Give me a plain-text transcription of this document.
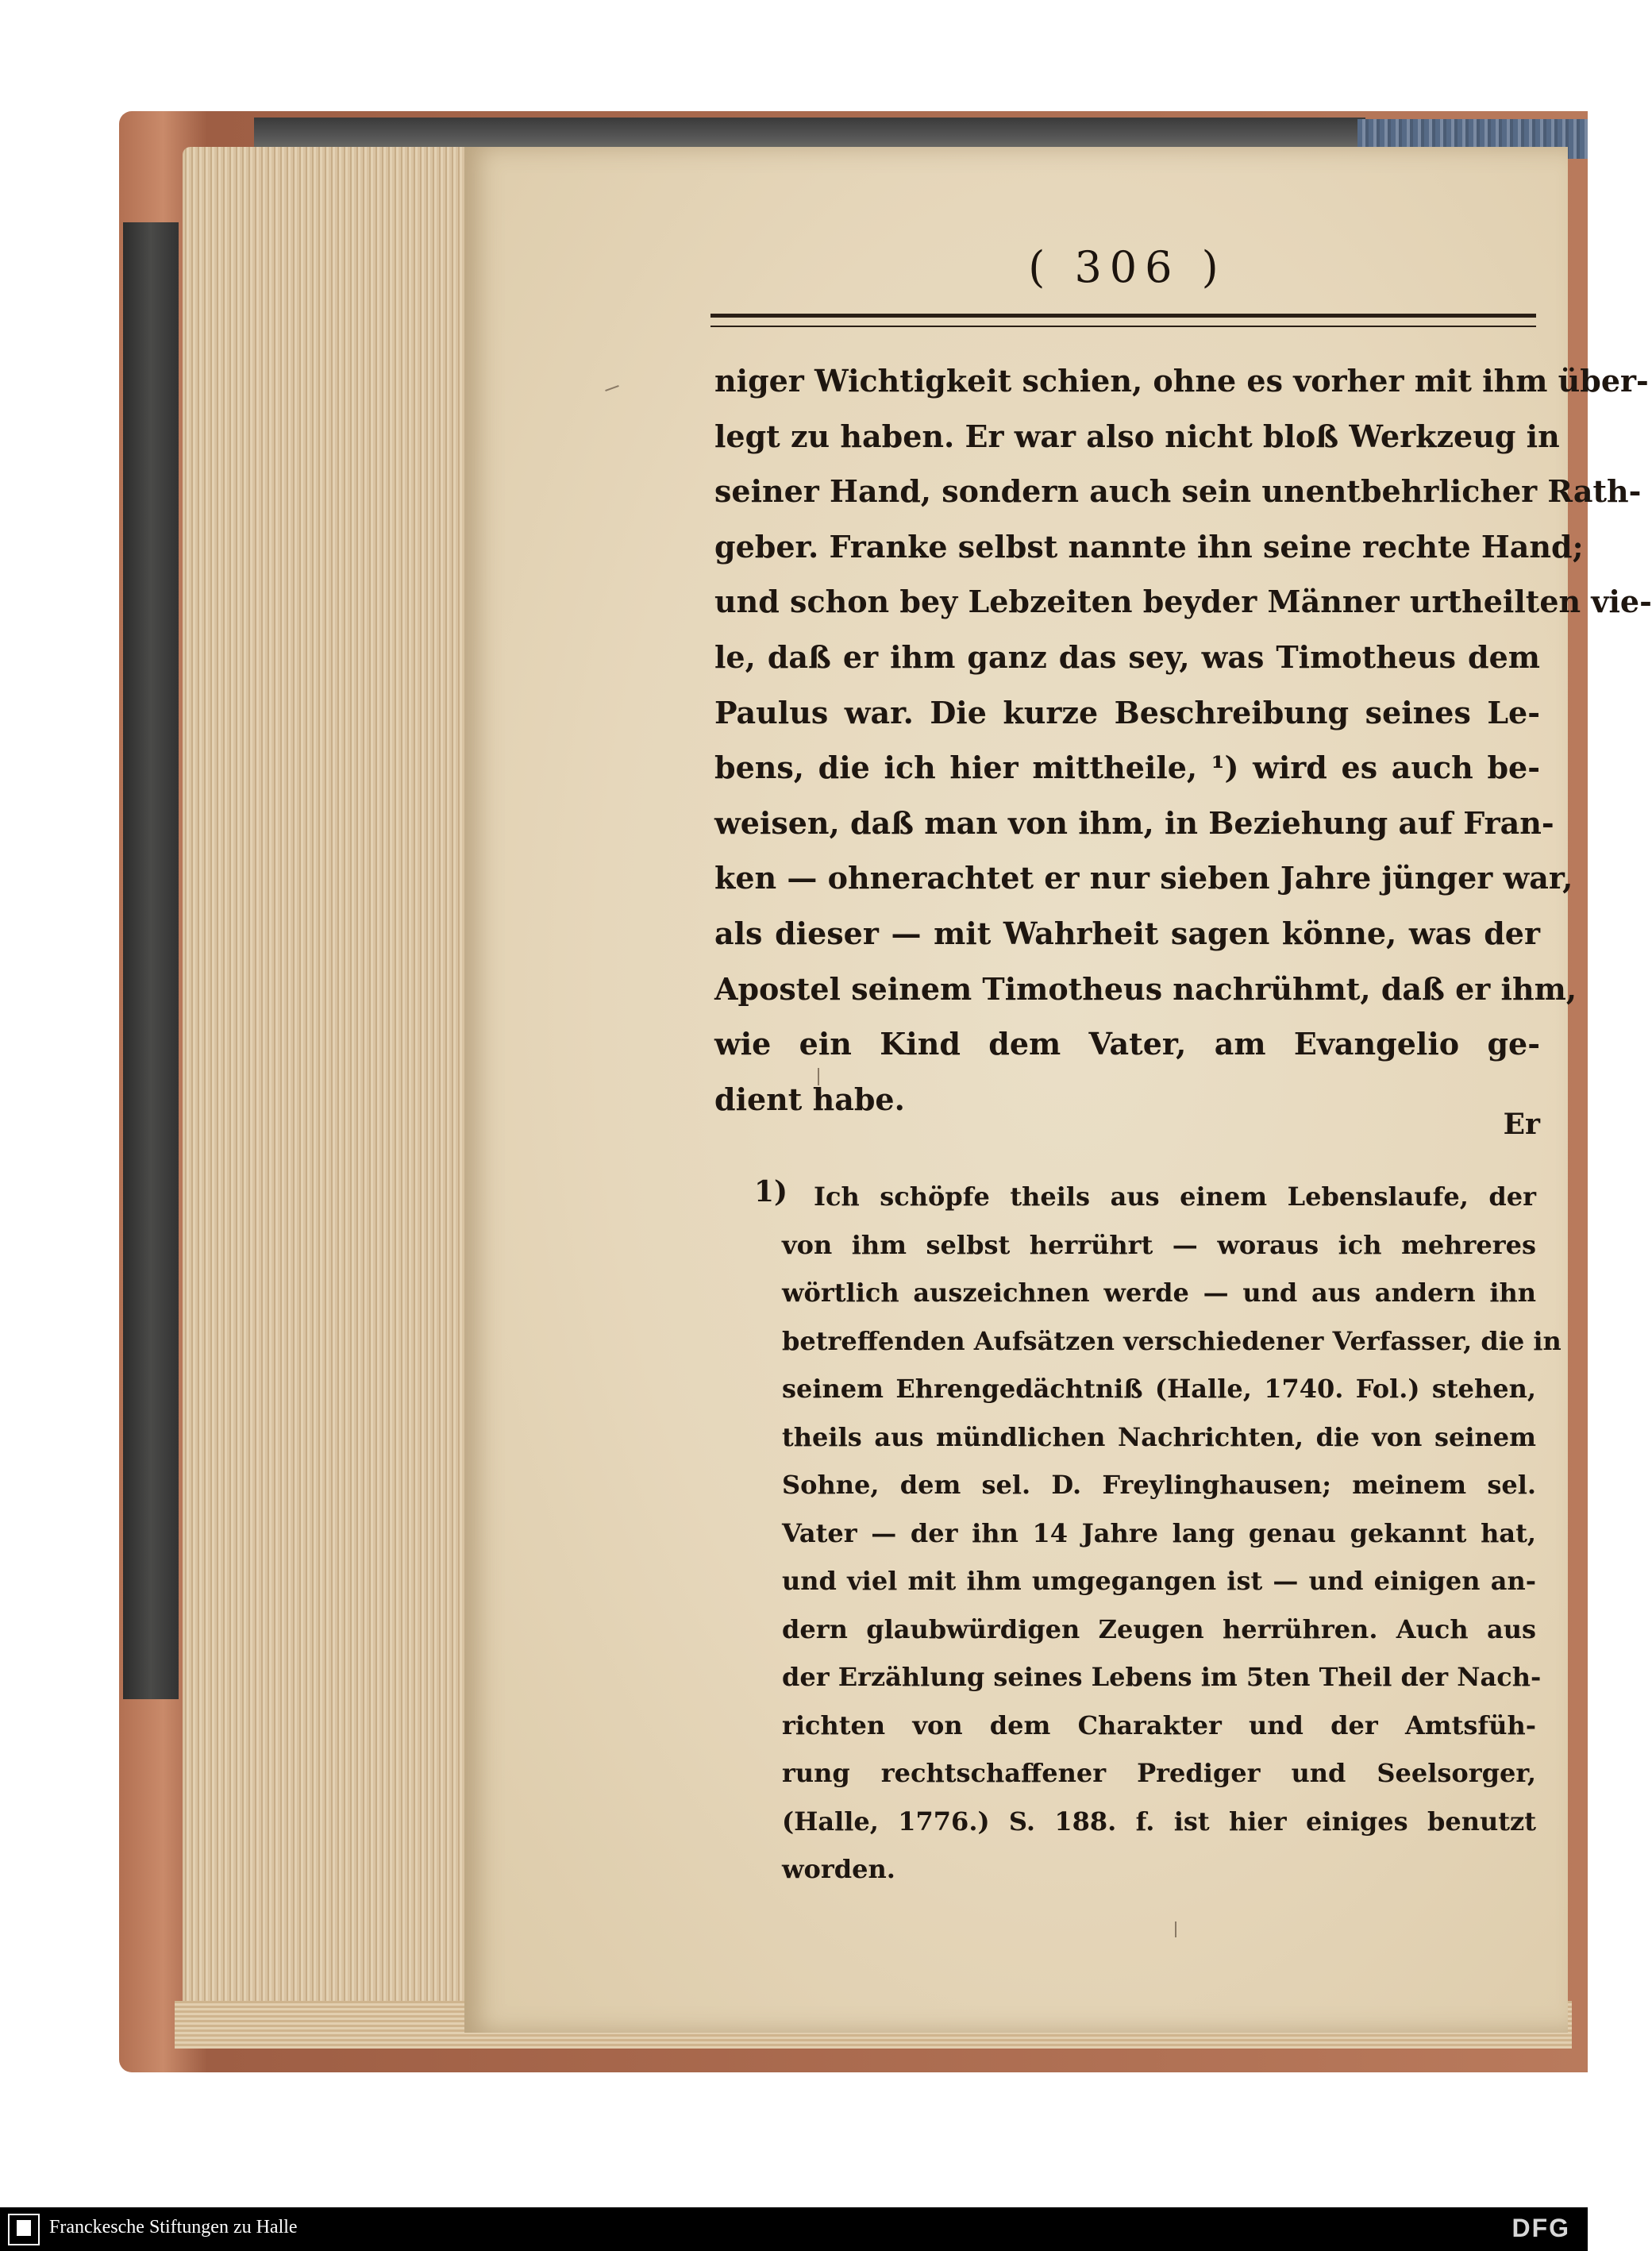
( 306 )
niger Wichtigkeit schien, ohne es vorher mit ihm über-
legt zu haben. Er war also nicht bloß Werkzeug in
seiner Hand, sondern auch sein unentbehrlicher Rath-
geber. Franke selbst nannte ihn seine rechte Hand;
und schon bey Lebzeiten beyder Männer urtheilten vie-
le, daß er ihm ganz das sey, was Timotheus dem
Paulus war. Die kurze Beschreibung seines Le-
bens, die ich hier mittheile, ¹) wird es auch be-
weisen, daß man von ihm, in Beziehung auf Fran-
ken — ohnerachtet er nur sieben Jahre jünger war,
als dieser — mit Wahrheit sagen könne, was der
Apostel seinem Timotheus nachrühmt, daß er ihm,
wie ein Kind dem Vater, am Evangelio ge-
dient habe.
Er
1)	Ich schöpfe theils aus einem Lebenslaufe, der
von ihm selbst herrührt — woraus ich mehreres
wörtlich auszeichnen werde — und aus andern ihn
betreffenden Aufsätzen verschiedener Verfasser, die in
seinem Ehrengedächtniß (Halle, 1740. Fol.) stehen,
theils aus mündlichen Nachrichten, die von seinem
Sohne, dem sel. D. Freylinghausen; meinem sel.
Vater — der ihn 14 Jahre lang genau gekannt hat,
und viel mit ihm umgegangen ist — und einigen an-
dern glaubwürdigen Zeugen herrühren. Auch aus
der Erzählung seines Lebens im 5ten Theil der Nach-
richten von dem Charakter und der Amtsfüh-
rung rechtschaffener Prediger und Seelsorger,
(Halle, 1776.) S. 188. f. ist hier einiges benutzt
worden.
Franckesche Stiftungen zu Halle	DFG
